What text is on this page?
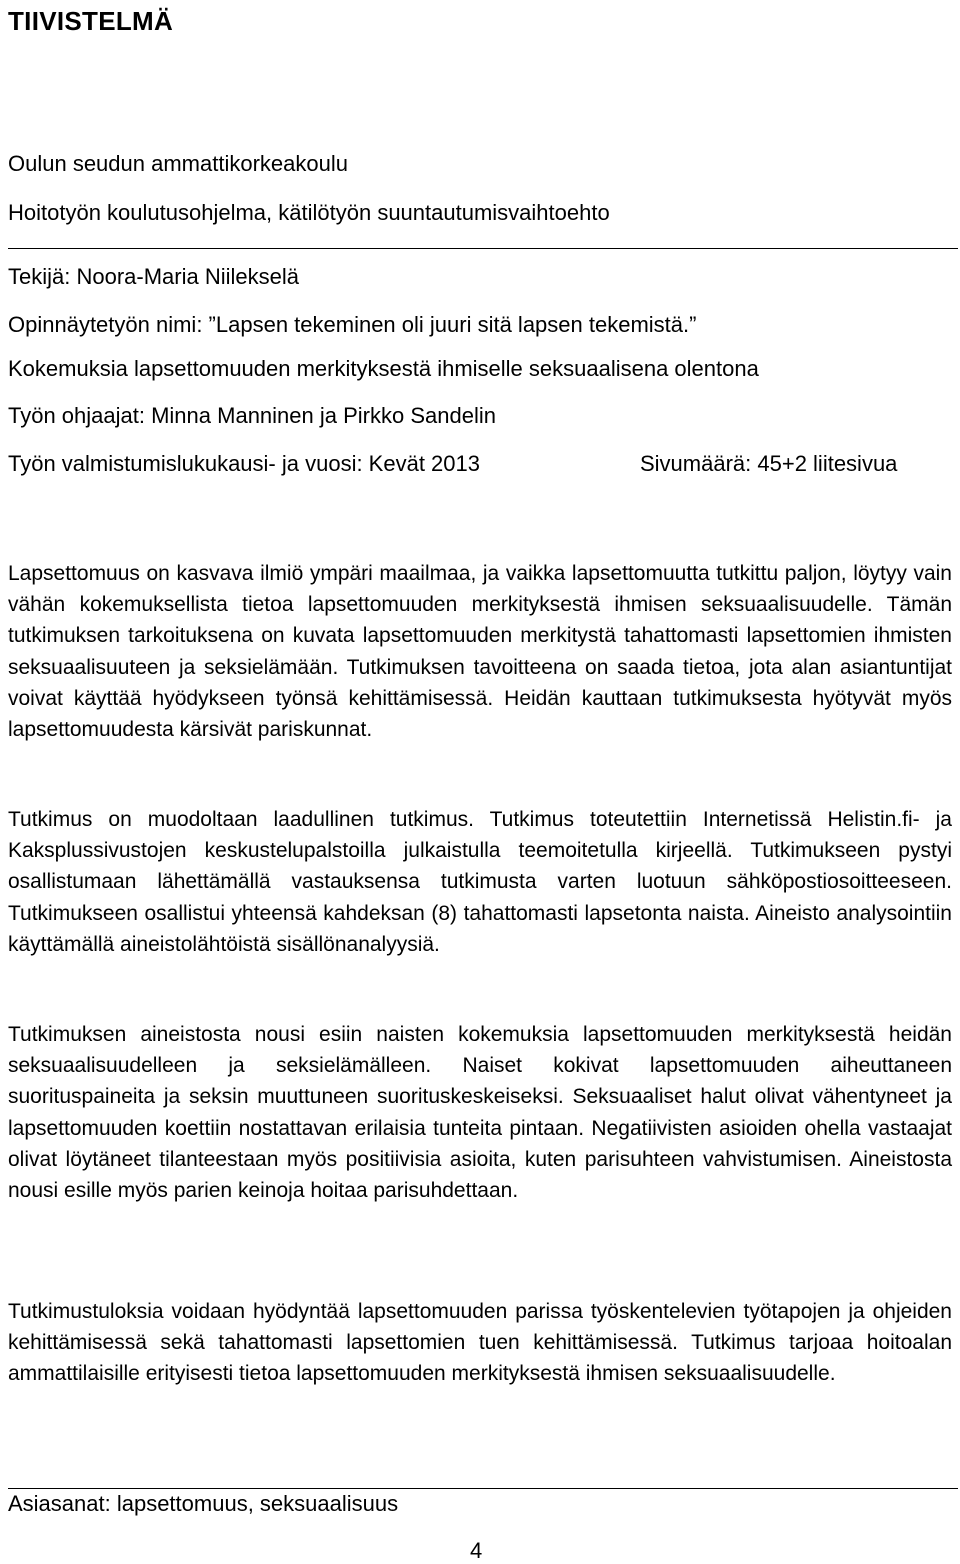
TIIVISTELMÄ
Oulun seudun ammattikorkeakoulu
Hoitotyön koulutusohjelma, kätilötyön suuntautumisvaihtoehto
Tekijä: Noora-Maria Niilekselä
Opinnäytetyön nimi: ”Lapsen tekeminen oli juuri sitä lapsen tekemistä.”
Kokemuksia lapsettomuuden merkityksestä ihmiselle seksuaalisena olentona
Työn ohjaajat: Minna Manninen ja Pirkko Sandelin
Työn valmistumislukukausi- ja vuosi: Kevät 2013	Sivumäärä: 45+2 liitesivua

Lapsettomuus on kasvava ilmiö ympäri maailmaa, ja vaikka lapsettomuutta tutkittu paljon, löytyy vain vähän kokemuksellista tietoa lapsettomuuden merkityksestä ihmisen seksuaalisuudelle. Tämän tutkimuksen tarkoituksena on kuvata lapsettomuuden merkitystä tahattomasti lapsettomien ihmisten seksuaalisuuteen ja seksielämään. Tutkimuksen tavoitteena on saada tietoa, jota alan asiantuntijat voivat käyttää hyödykseen työnsä kehittämisessä. Heidän kauttaan tutkimuksesta hyötyvät myös lapsettomuudesta kärsivät pariskunnat.

Tutkimus on muodoltaan laadullinen tutkimus. Tutkimus toteutettiin Internetissä Helistin.fi- ja Kaksplussivustojen keskustelupalstoilla julkaistulla teemoitetulla kirjeellä. Tutkimukseen pystyi osallistumaan lähettämällä vastauksensa tutkimusta varten luotuun sähköpostiosoitteeseen. Tutkimukseen osallistui yhteensä kahdeksan (8) tahattomasti lapsetonta naista. Aineisto analysointiin käyttämällä aineistolähtöistä sisällönanalyysiä.

Tutkimuksen aineistosta nousi esiin naisten kokemuksia lapsettomuuden merkityksestä heidän seksuaalisuudelleen ja seksielämälleen. Naiset kokivat lapsettomuuden aiheuttaneen suorituspaineita ja seksin muuttuneen suorituskeskeiseksi. Seksuaaliset halut olivat vähentyneet ja lapsettomuuden koettiin nostattavan erilaisia tunteita pintaan. Negatiivisten asioiden ohella vastaajat olivat löytäneet tilanteestaan myös positiivisia asioita, kuten parisuhteen vahvistumisen. Aineistosta nousi esille myös parien keinoja hoitaa parisuhdettaan.

Tutkimustuloksia voidaan hyödyntää lapsettomuuden parissa työskentelevien työtapojen ja ohjeiden kehittämisessä sekä tahattomasti lapsettomien tuen kehittämisessä. Tutkimus tarjoaa hoitoalan ammattilaisille erityisesti tietoa lapsettomuuden merkityksestä ihmisen seksuaalisuudelle.

Asiasanat: lapsettomuus, seksuaalisuus
4
